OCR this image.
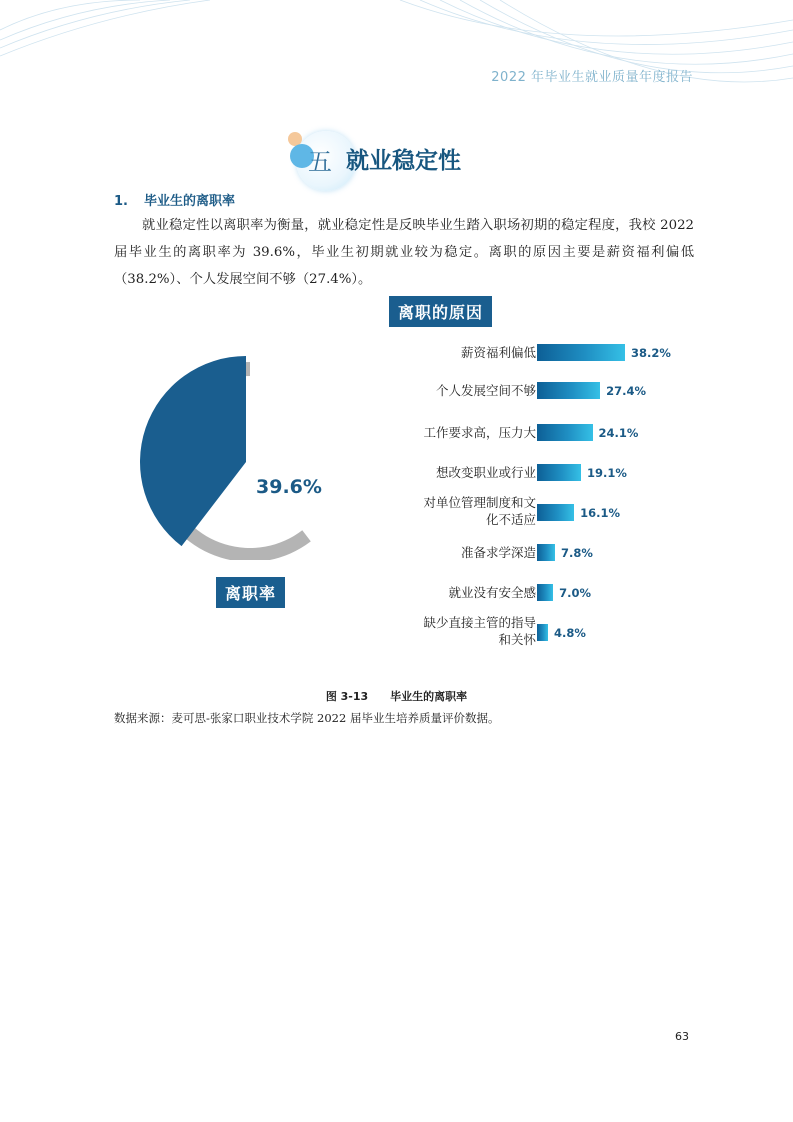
2022 年毕业生就业质量年度报告
五 就业稳定性
1. 毕业生的离职率
就业稳定性以离职率为衡量，就业稳定性是反映毕业生踏入职场初期的稳定程度，我校 2022 届毕业生的离职率为 39.6%，毕业生初期就业较为稳定。离职的原因主要是薪资福利偏低（38.2%）、个人发展空间不够（27.4%）。
39.6%
离职率
离职的原因
薪资福利偏低	38.2%
个人发展空间不够	27.4%
工作要求高，压力大	24.1%
想改变职业或行业	19.1%
对单位管理制度和文
化不适应	16.1%
准备求学深造 7.8%
就业没有安全感 7.0%
缺少直接主管的指导
和关怀 4.8%
图 3-13 毕业生的离职率
数据来源：麦可思-张家口职业技术学院 2022 届毕业生培养质量评价数据。
63
